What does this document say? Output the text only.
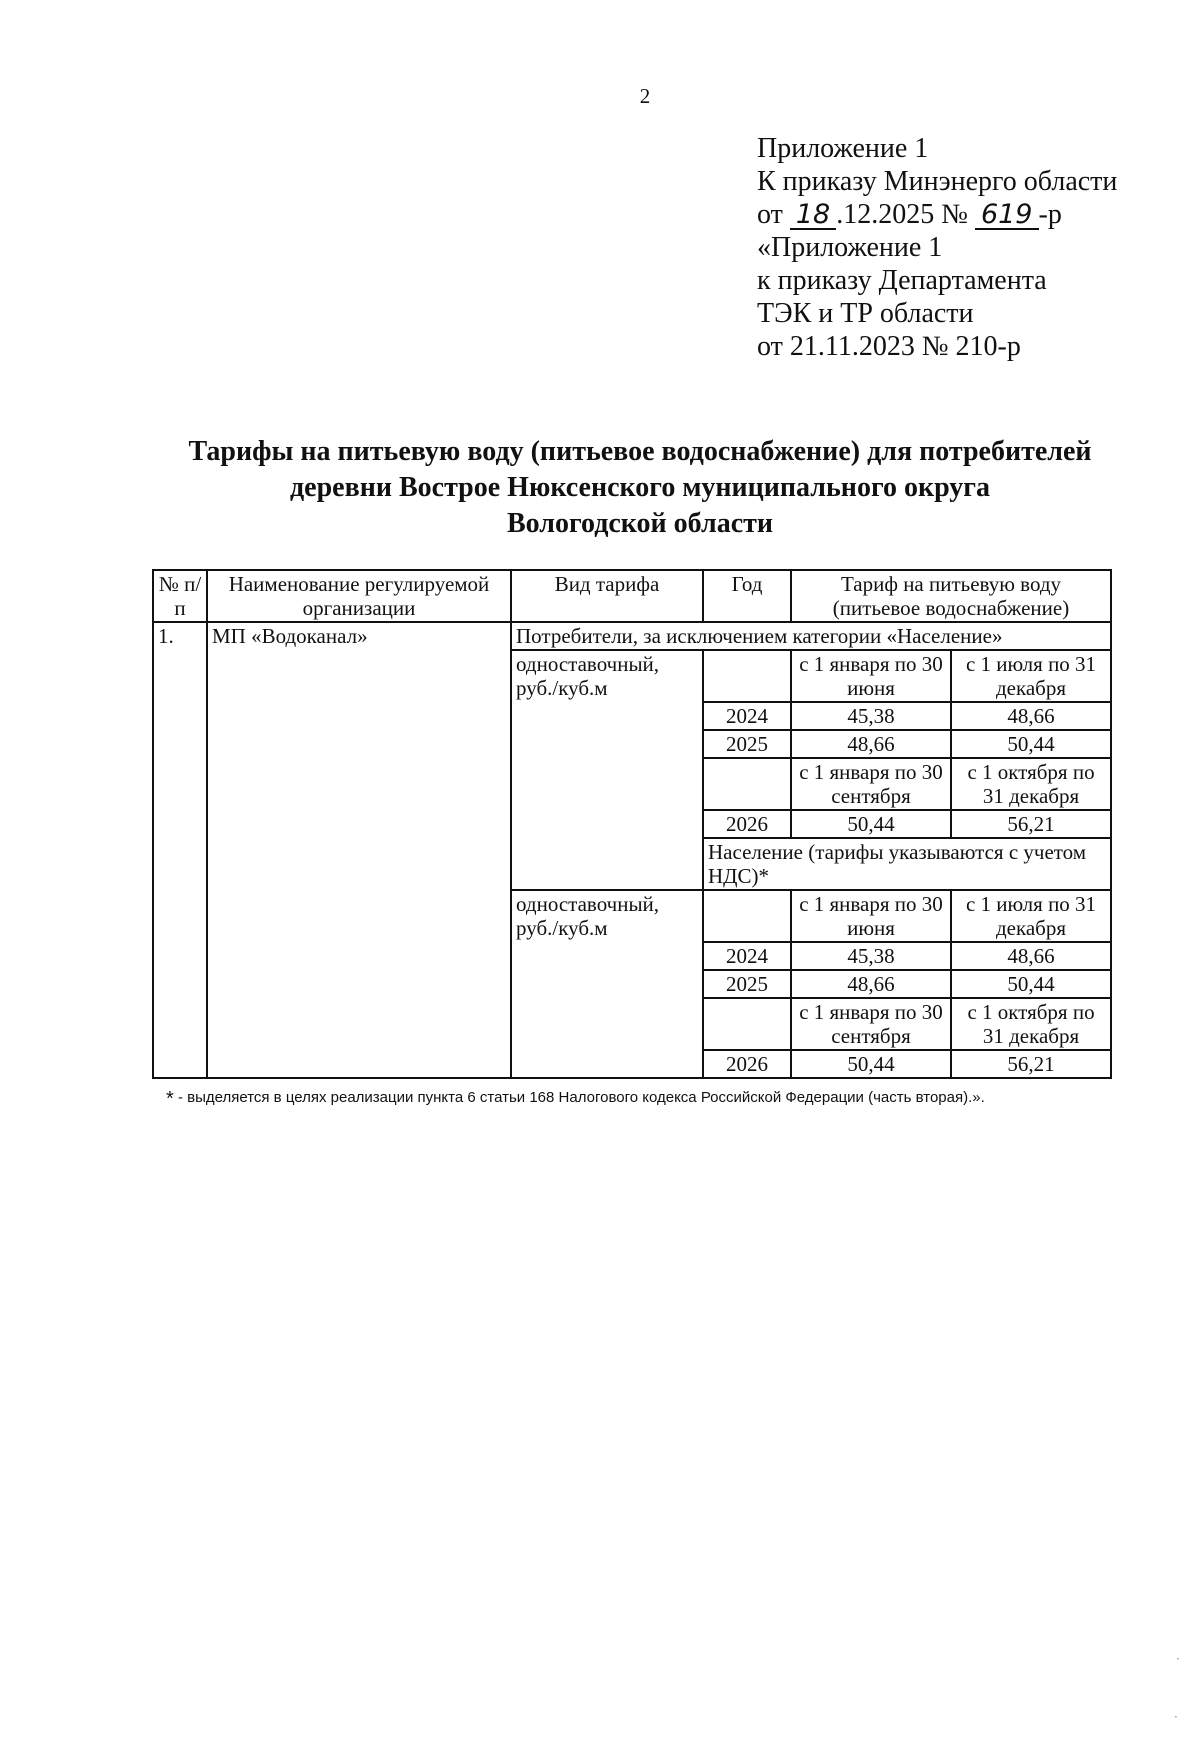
2
Приложение 1
К приказу Минэнерго области
от 18 .12.2025 № 619 -р
«Приложение 1
к приказу Департамента
ТЭК и ТР области
от 21.11.2023 № 210-р
Тарифы на питьевую воду (питьевое водоснабжение) для потребителей
деревни Вострое Нюксенского муниципального округа
Вологодской области
№ п/п	Наименование регулируемой организации	Вид тарифа	Год	Тариф на питьевую воду (питьевое водоснабжение)	
1.	МП «Водоканал»	Потребители, за исключением категории «Население»			
		одноставочный, руб./куб.м		с 1 января по 30 июня	с 1 июля по 31 декабря
			2024	45,38	48,66
			2025	48,66	50,44
				с 1 января по 30 сентября	с 1 октября по 31 декабря
			2026	50,44	56,21
			Население (тарифы указываются с учетом НДС)*		
		одноставочный, руб./куб.м		с 1 января по 30 июня	с 1 июля по 31 декабря
			2024	45,38	48,66
			2025	48,66	50,44
				с 1 января по 30 сентября	с 1 октября по 31 декабря
			2026	50,44	56,21
* - выделяется в целях реализации пункта 6 статьи 168 Налогового кодекса Российской Федерации (часть вторая).».
·
·
